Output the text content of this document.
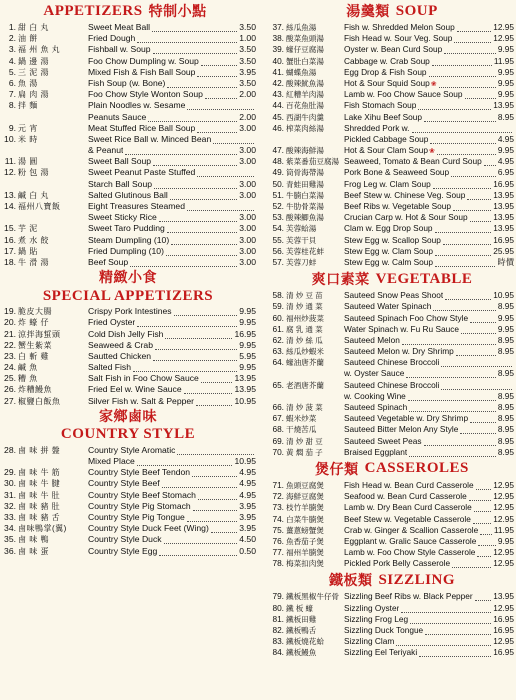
APPETIZERS 特制小點
1. 甜 白 丸	Sweet Meat Ball	3.50
2. 油 餅	Fried Dough	1.00
3. 福 州 魚 丸	Fishball w. Soup	3.50
4. 鍋 邊 湯	Foo Chow Dumpling w. Soup	3.50
5. 三 泥 湯	Mixed Fish & Fish Ball Soup	3.95
6. 魚 湯	Fish Soup (w. Bone)	3.50
7. 扁 肉 湯	Foo Chow Style Wonton Soup	2.00
8. 拌 麵	Plain Noodles w. Sesame
Peanuts Sauce	2.00
9. 元 宵	Meat Stuffed Rice Ball Soup	3.00
10. 米 時	Sweet Rice Ball w. Minced Bean
& Peanut	3.00
11. 湯 圓	Sweet Ball Soup	3.00
12. 粉 包 湯	Sweet Peanut Paste Stuffed
Starch Ball Soup	3.00
13. 鹹 白 丸	Salted Glutinous Ball	3.00
14. 福州八寶飯	Eight Treasures Steamed
Sweet Sticky Rice	3.00
15. 芋 泥	Sweet Taro Pudding	3.00
16. 煮 水 餃	Steam Dumpling (10)	3.00
17. 鍋 貼	Fried Dumpling (10)	3.00
18. 牛 滑 湯	Beef Soup	3.00
精緻小食
SPECIAL APPETIZERS
19. 脆皮大腸	Crispy Pork Intestines	9.95
20. 炸 蠔 仔	Fried Oyster	9.95
21. 涼拌海蜇頭	Cold Dish Jelly Fish	16.95
22. 蟹生紫菜	Seaweed & Crab	9.95
23. 白 斬 雞	Sautted Chicken	5.95
24. 鹹 魚	Salted Fish	9.95
25. 糟 魚	Salt Fish in Foo Chow Sauce	13.95
26. 炸糟鰻魚	Fried Eel w. Wine Sauce	13.95
27. 椒鹽白飯魚	Silver Fish w. Salt & Pepper	10.95
家鄉鹵味
COUNTRY STYLE
28. 鹵 味 拼 盤	Country Style Aromatic
Mixed Place	10.95
29. 鹵 味 牛 筋	Country Style Beef Tendon	4.95
30. 鹵 味 牛 腱	Country Style Beef	4.95
31. 鹵 味 牛 肚	Country Style Beef Stomach	4.95
32. 鹵 味 豬 肚	Country Style Pig Stomach	3.95
33. 鹵 味 豬 舌	Country Style Pig Tongue	3.95
34. 鹵味鴨掌(翼)	Country Style Duck Feet (Wing)	3.95
35. 鹵 味 鴨	Country Style Duck	4.50
36. 鹵 味 蛋	Country Style Egg	0.50
湯羹類 SOUP
37. 絲瓜魚湯	Fish w. Shredded Melon Soup	12.95
38. 酸菜魚頭湯	Fish Head w. Sour Veg. Soup	12.95
39. 蠔仔豆腐湯	Oyster w. Bean Curd Soup	9.95
40. 蟹肚白菜湯	Cabbage w. Crab Soup	11.95
41. 蝴蝶魚湯	Egg Drop & Fish Soup	9.95
42. 酸辣魷魚湯	Hot & Sour Squid Soup ❀	9.95
43. 紅糟羊肉湯	Lamb w. Foo Chow Sauce Soup	9.95
44. 百花魚肚湯	Fish Stomach Soup	13.95
45. 西湖牛肉羹	Lake Xihu Beef Soup	8.95
46. 榨菜肉絲湯	Shredded Pork w.
Pickled Cabbage Soup	4.95
47. 酸辣海鮮湯	Hot & Sour Clam Soup ❀	9.95
48. 紫菜番茄豆腐湯 Seaweed, Tomato & Bean Curd Soup 4.95
49. 筒骨海帶湯	Pork Bone & Seaweed Soup	6.95
50. 青蛙田雞湯	Frog Leg w. Clam Soup	16.95
51. 牛腩白菜湯	Beef Stew w. Chinese Veg. Soup	13.95
52. 牛肋骨菜湯	Beef Ribs w. Vegetable Soup	13.95
53. 酸辣鯽魚湯	Crucian Carp w. Hot & Sour Soup	13.95
54. 芙蓉蛤湯	Clam w. Egg Drop Soup	13.95
55. 芙蓉干貝	Stew Egg w. Scallop Soup	16.95
56. 芙蓉桂花蚌	Stew Egg w. Clam Soup	25.95
57. 芙蓉刀蚌	Stew Egg w. Calm Soup	時價
爽口素菜 VEGETABLE
58. 清 炒 豆 苗	Sauteed Snow Peas Shoot	10.95
59. 清 炒 通 菜	Sauteed Water Spinach	8.95
60. 福州炒菠菜	Sauteed Spinach Foo Chow Style	9.95
61. 腐 乳 通 菜	Water Spinach w. Fu Ru Sauce	9.95
62. 清 炒 絲 瓜	Sauteed Melon	8.95
63. 絲瓜炒蝦米	Sauteed Melon w. Dry Shrimp	8.95
64. 蠔油唐芥蘭	Sauteed Chinese Broccoli
w. Oyster Sauce	8.95
65. 老酒唐芥蘭	Sauteed Chinese Broccoli
w. Cooking Wine	8.95
66. 清 炒 菠 菜	Sauteed Spinach	8.95
67. 蝦米炒菜	Sauteed Vegetable w. Dry Shrimp	8.95
68. 干燒苦瓜	Sauteed Bitter Melon Any Style	8.95
69. 清 炒 甜 豆	Sauteed Sweet Peas	8.95
70. 黃 燜 茄 子	Braised Eggplant	8.95
煲仔類 CASSEROLES
71. 魚頭豆腐煲	Fish Head w. Bean Curd Casserole 12.95
72. 海鮮豆腐煲	Seafood w. Bean Curd Casserole	12.95
73. 枝竹羊腩煲	Lamb w. Dry Bean Curd Casserole	12.95
74. 白菜牛腩煲	Beef Stew w. Vegetable Casserole	12.95
75. 薑蔥螃蟹煲	Crab w. Ginger & Scallion Casserole 11.95
76. 魚香茄子煲	Eggplant w. Gralic Sauce Casserole	9.95
77. 福州羊腩煲	Lamb w. Foo Chow Style Casserole 12.95
78. 梅菜扣肉煲	Pickled Pork Belly Casserole	12.95
鐵板類 SIZZLING
79. 鐵板黑椒牛仔骨 Sizzling Beef Ribs w. Black Pepper 13.95
80. 鐵 板 蠔	Sizzling Oyster	12.95
81. 鐵板田雞	Sizzling Frog Leg	16.95
82. 鐵板鴨舌	Sizzling Duck Tongue	16.95
83. 鐵板燒花蛤	Sizzling Clam	12.95
84. 鐵板鰻魚	Sizzling Eel Teriyaki	16.95
